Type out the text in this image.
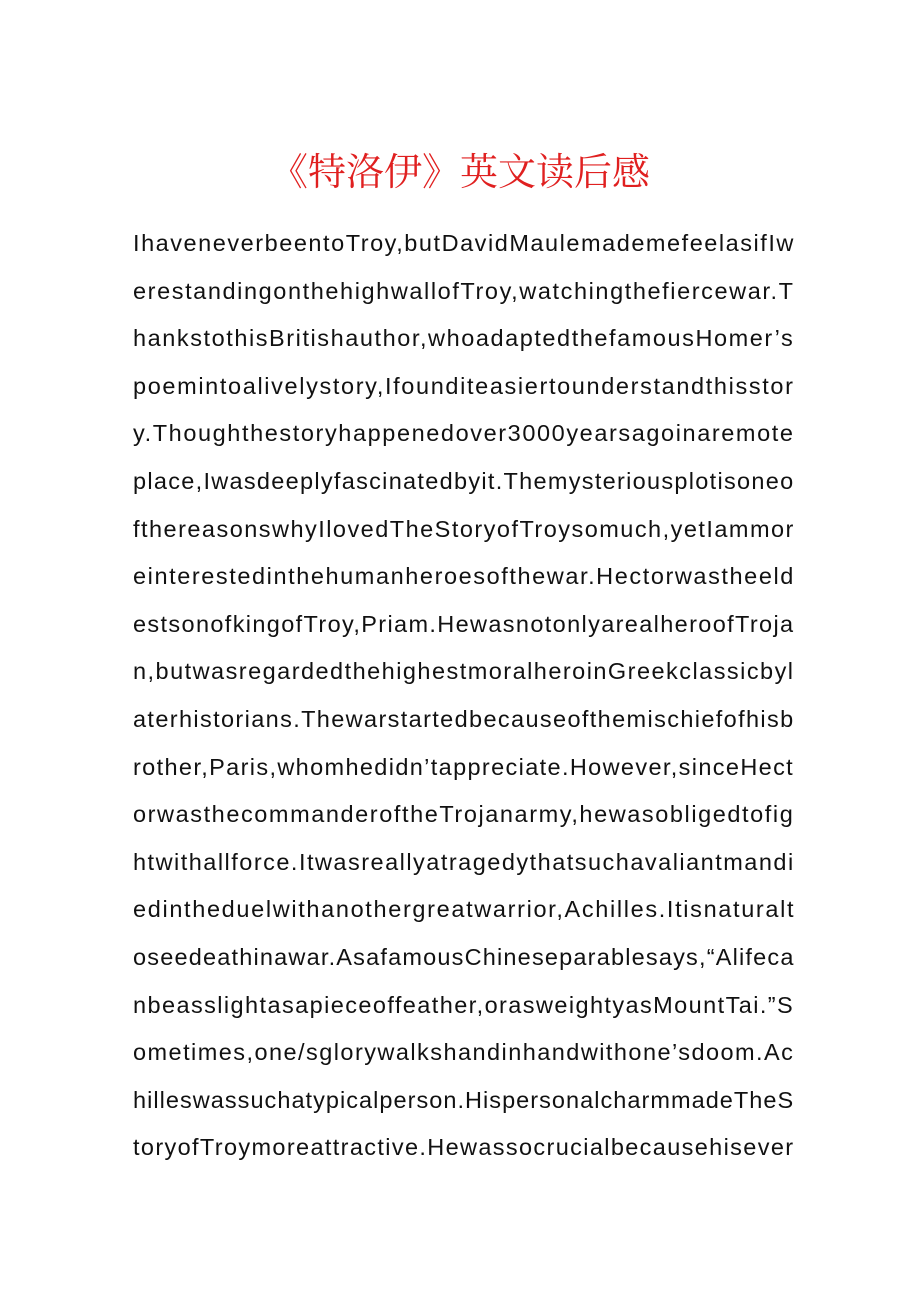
《特洛伊》英文读后感
IhaveneverbeentoTroy,butDavidMaulemademefeelasifIw
erestandingonthehighwallofTroy,watchingthefiercewar.T
hankstothisBritishauthor,whoadaptedthefamousHomer’s
poemintoalivelystory,Ifounditeasiertounderstandthisstor
y.Thoughthestoryhappenedover3000yearsagoinaremote
place,Iwasdeeplyfascinatedbyit.Themysteriousplotisoneo
fthereasonswhyIlovedTheStoryofTroysomuch,yetIammor
einterestedinthehumanheroesofthewar.Hectorwastheeld
estsonofkingofTroy,Priam.HewasnotonlyarealheroofTroja
n,butwasregardedthehighestmoralheroinGreekclassicbyl
aterhistorians.Thewarstartedbecauseofthemischiefofhisb
rother,Paris,whomhedidn’tappreciate.However,sinceHect
orwasthecommanderoftheTrojanarmy,hewasobligedtofig
htwithallforce.Itwasreallyatragedythatsuchavaliantmandi
edintheduelwithanothergreatwarrior,Achilles.Itisnaturalt
oseedeathinawar.AsafamousChineseparablesays,“Alifeca
nbeasslightasapieceoffeather,orasweightyasMountTai.”S
ometimes,one/sglorywalkshandinhandwithone’sdoom.Ac
hilleswassuchatypicalperson.HispersonalcharmmadeTheS
toryofTroymoreattractive.Hewassocrucialbecausehisever
